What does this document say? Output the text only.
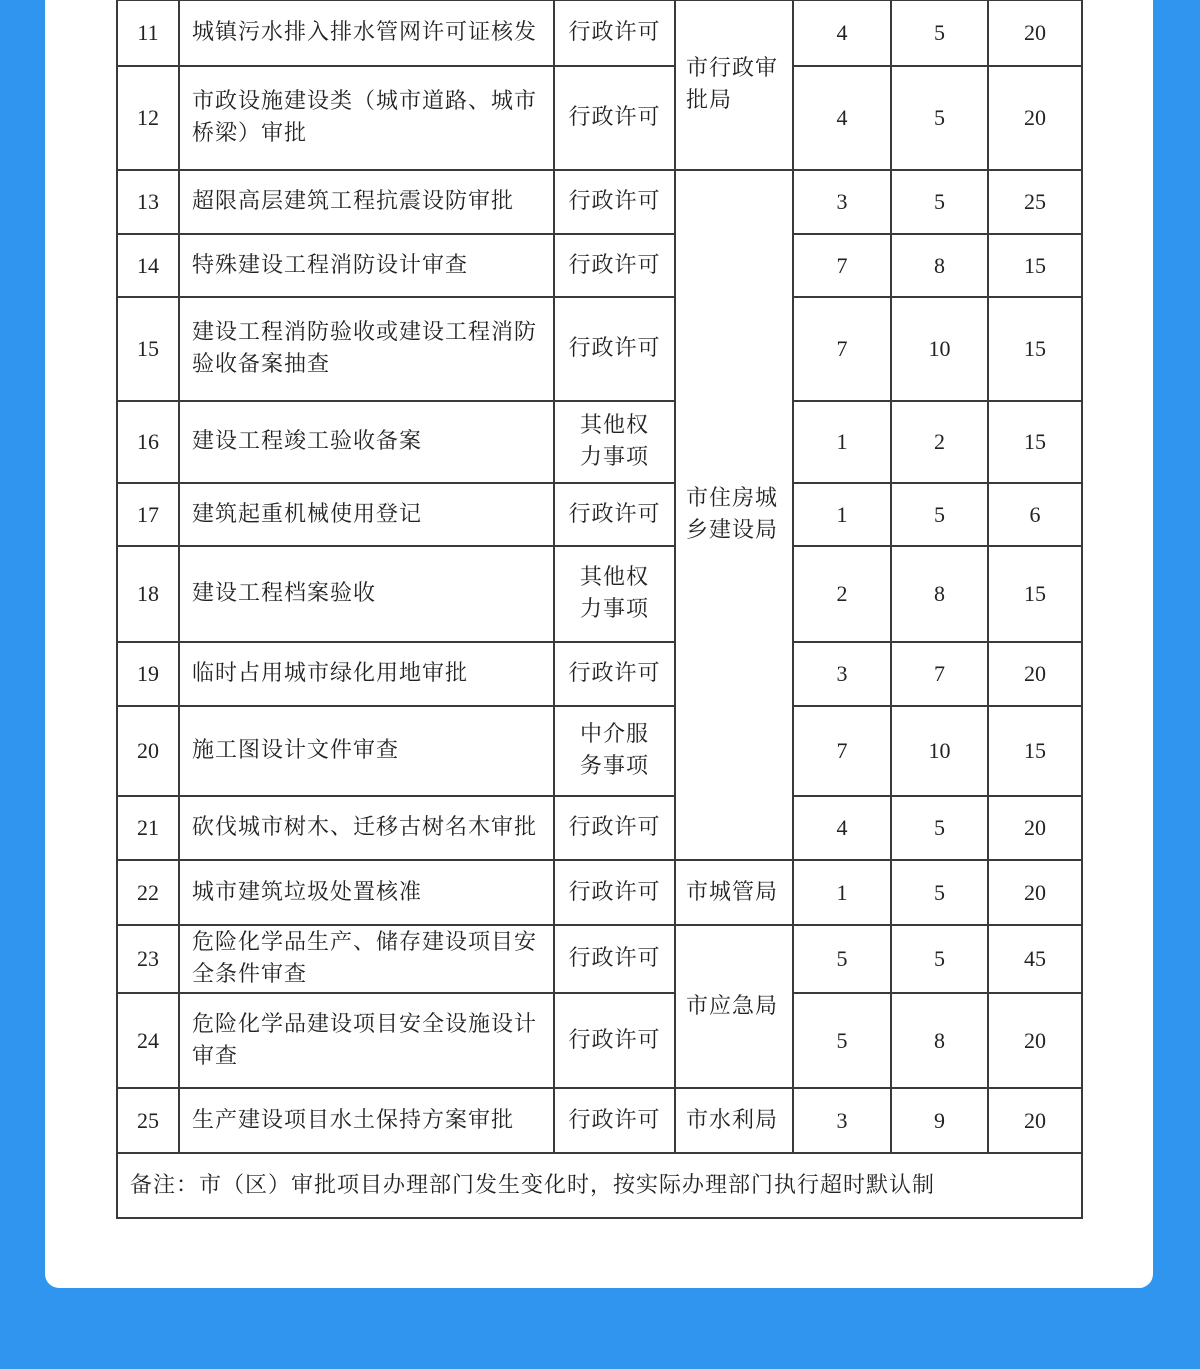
11	城镇污水排入排水管网许可证核发	行政许可	市行政审批局	4	5	20
12	市政设施建设类（城市道路、城市桥梁）审批	行政许可		4	5	20
13	超限高层建筑工程抗震设防审批	行政许可	市住房城乡建设局	3	5	25
14	特殊建设工程消防设计审查	行政许可		7	8	15
15	建设工程消防验收或建设工程消防验收备案抽查	行政许可		7	10	15
16	建设工程竣工验收备案	其他权力事项		1	2	15
17	建筑起重机械使用登记	行政许可		1	5	6
18	建设工程档案验收	其他权力事项		2	8	15
19	临时占用城市绿化用地审批	行政许可		3	7	20
20	施工图设计文件审查	中介服务事项		7	10	15
21	砍伐城市树木、迁移古树名木审批	行政许可		4	5	20
22	城市建筑垃圾处置核准	行政许可	市城管局	1	5	20
23	危险化学品生产、储存建设项目安全条件审查	行政许可	市应急局	5	5	45
24	危险化学品建设项目安全设施设计审查	行政许可		5	8	20
25	生产建设项目水土保持方案审批	行政许可	市水利局	3	9	20
备注：市（区）审批项目办理部门发生变化时，按实际办理部门执行超时默认制						
